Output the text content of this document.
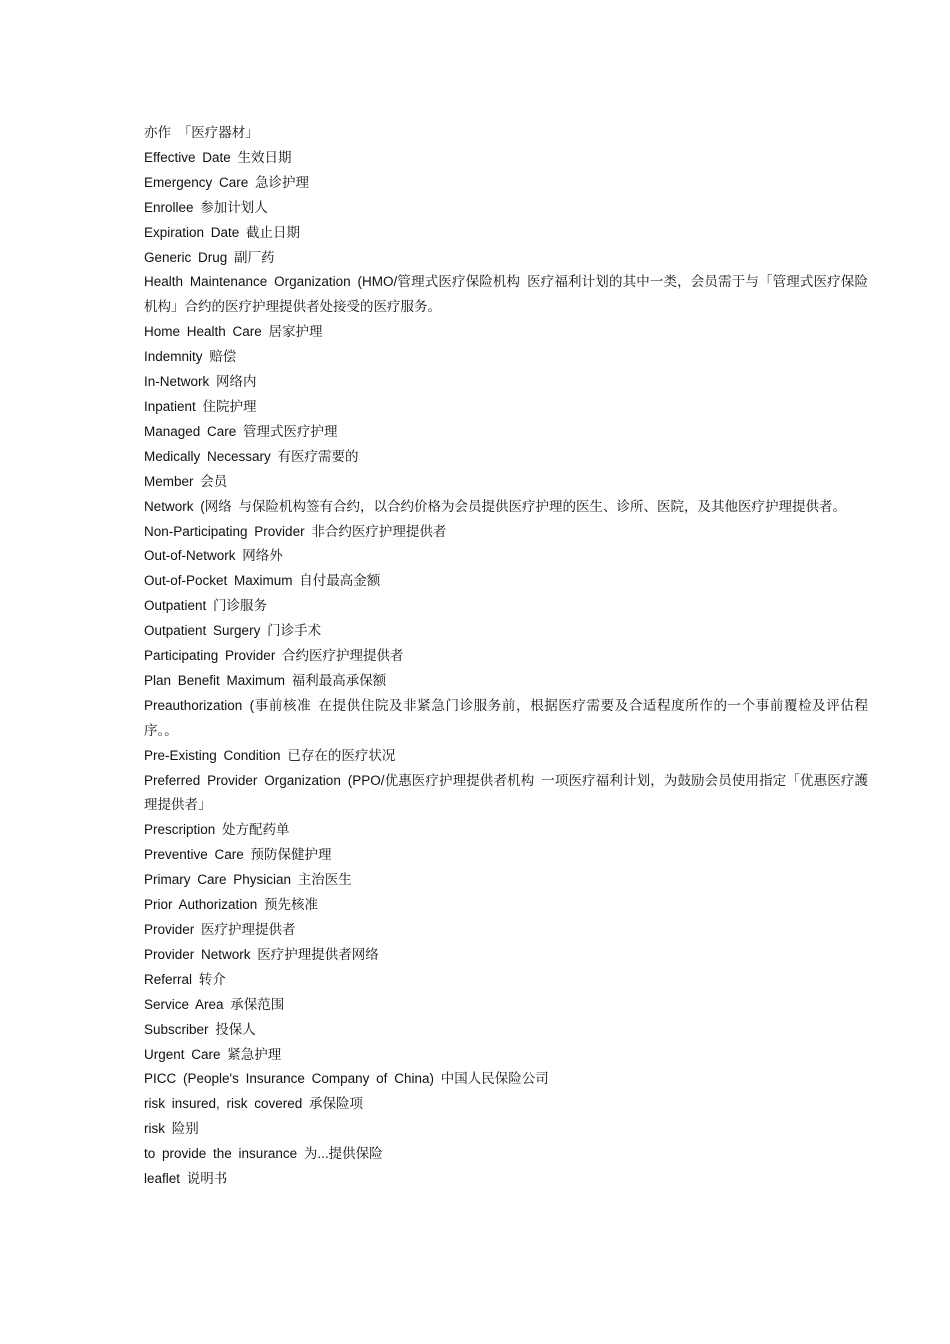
亦作 「医疗器材」

Effective Date 生效日期

Emergency Care 急诊护理

Enrollee 参加计划人

Expiration Date 截止日期

Generic Drug 副厂药

Health Maintenance Organization (HMO/管理式医疗保险机构 医疗福利计划的其中一类，会员需于与「管理式医疗保险机构」合约的医疗护理提供者处接受的医疗服务。

Home Health Care 居家护理

Indemnity 赔偿

In-Network 网络内

Inpatient 住院护理

Managed Care 管理式医疗护理

Medically Necessary 有医疗需要的

Member 会员

Network (网络 与保险机构签有合约，以合约价格为会员提供医疗护理的医生、诊所、医院，及其他医疗护理提供者。

Non-Participating Provider 非合约医疗护理提供者

Out-of-Network 网络外

Out-of-Pocket Maximum 自付最高金额

Outpatient 门诊服务

Outpatient Surgery 门诊手术

Participating Provider 合约医疗护理提供者

Plan Benefit Maximum 福利最高承保额

Preauthorization (事前核准 在提供住院及非紧急门诊服务前，根据医疗需要及合适程度所作的一个事前覆检及评估程序。。

Pre-Existing Condition 已存在的医疗状况

Preferred Provider Organization (PPO/优惠医疗护理提供者机构 一项医疗福利计划，为鼓励会员使用指定「优惠医疗護理提供者」

Prescription 处方配药单

Preventive Care 预防保健护理

Primary Care Physician 主治医生

Prior Authorization 预先核准

Provider 医疗护理提供者

Provider Network 医疗护理提供者网络

Referral 转介

Service Area 承保范围

Subscriber 投保人

Urgent Care 紧急护理

PICC (People's Insurance Company of China) 中国人民保险公司

risk insured, risk covered 承保险项

risk 险别

to provide the insurance 为...提供保险

leaflet 说明书
